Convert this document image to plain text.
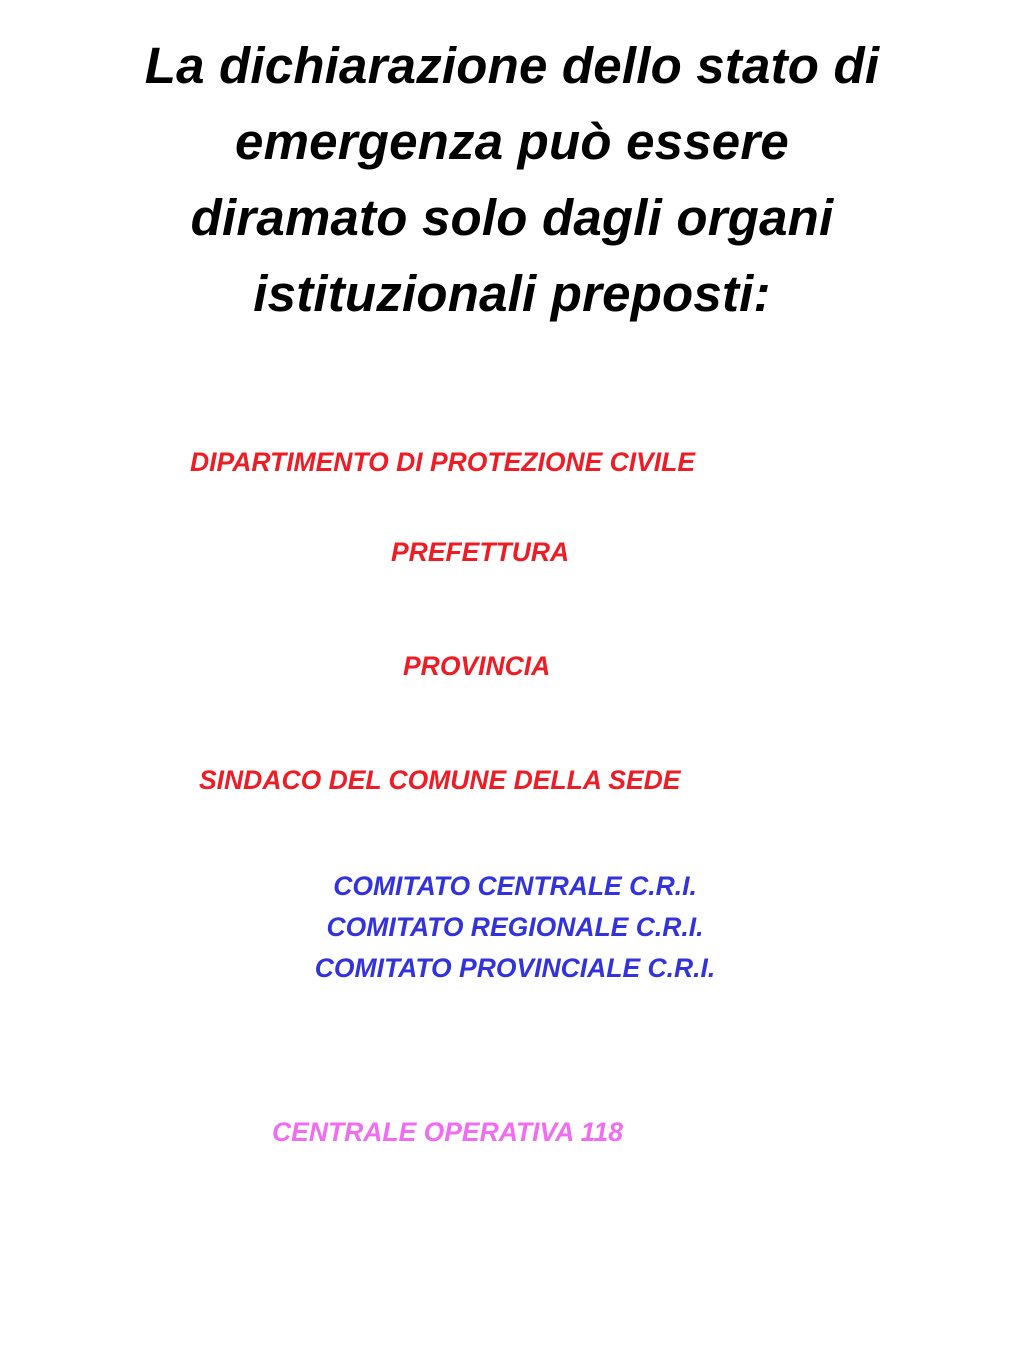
La dichiarazione dello stato di
emergenza può essere
diramato solo dagli organi
istituzionali preposti:

DIPARTIMENTO DI PROTEZIONE CIVILE

PREFETTURA

PROVINCIA

SINDACO DEL COMUNE DELLA SEDE

COMITATO CENTRALE C.R.I.
COMITATO REGIONALE C.R.I.
COMITATO PROVINCIALE C.R.I.

CENTRALE OPERATIVA 118
